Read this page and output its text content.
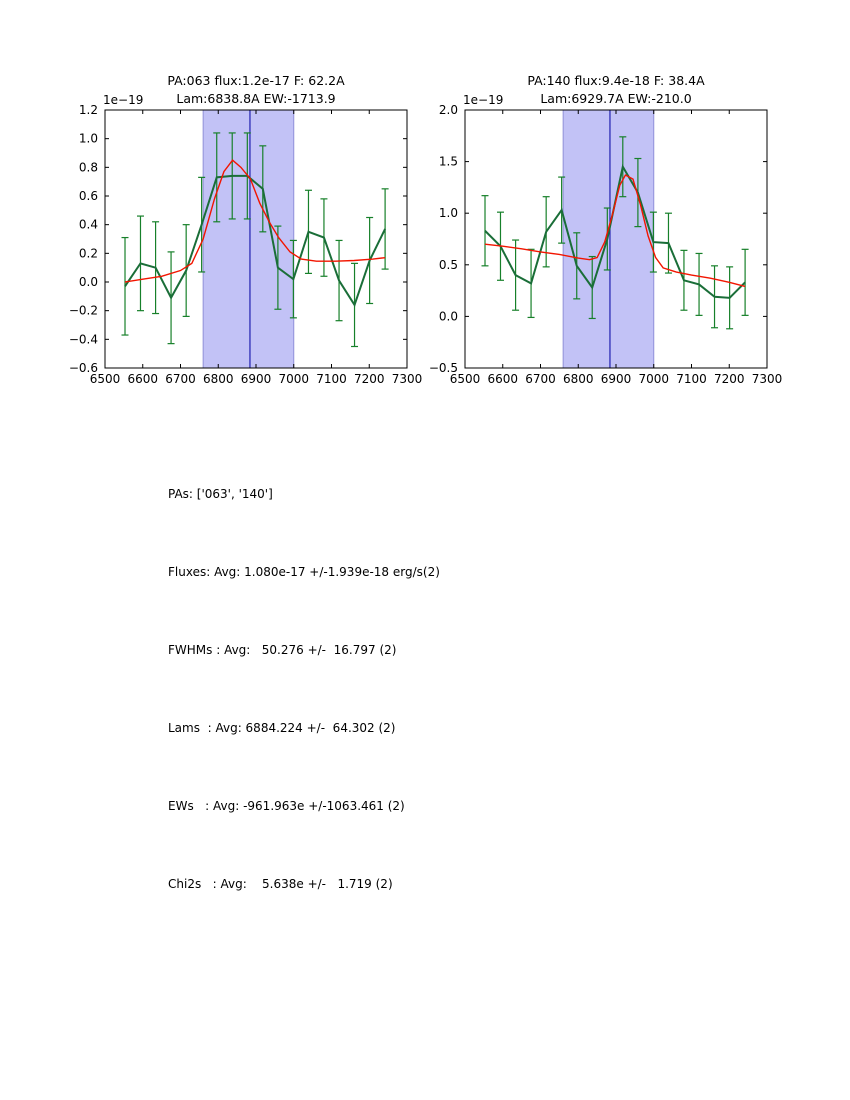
PA:063 flux:1.2e-17 F: 62.2A
Lam:6838.8A EW:-1713.9
6500 6600 6700 6800 6900 7000 7100 7200 7300
−0.6
−0.4
−0.2
0.0
0.2
0.4
0.6
0.8
1.0
1.2
1e−19
PA:140 flux:9.4e-18 F: 38.4A
Lam:6929.7A EW:-210.0
6500 6600 6700 6800 6900 7000 7100 7200 7300
−0.5
0.0
0.5
1.0
1.5
2.0
1e−19

PAs: ['063', '140']

Fluxes: Avg: 1.080e-17 +/-1.939e-18 erg/s(2)

FWHMs : Avg:   50.276 +/-  16.797 (2)

Lams  : Avg: 6884.224 +/-  64.302 (2)

EWs   : Avg: -961.963e +/-1063.461 (2)

Chi2s   : Avg:    5.638e +/-   1.719 (2)
